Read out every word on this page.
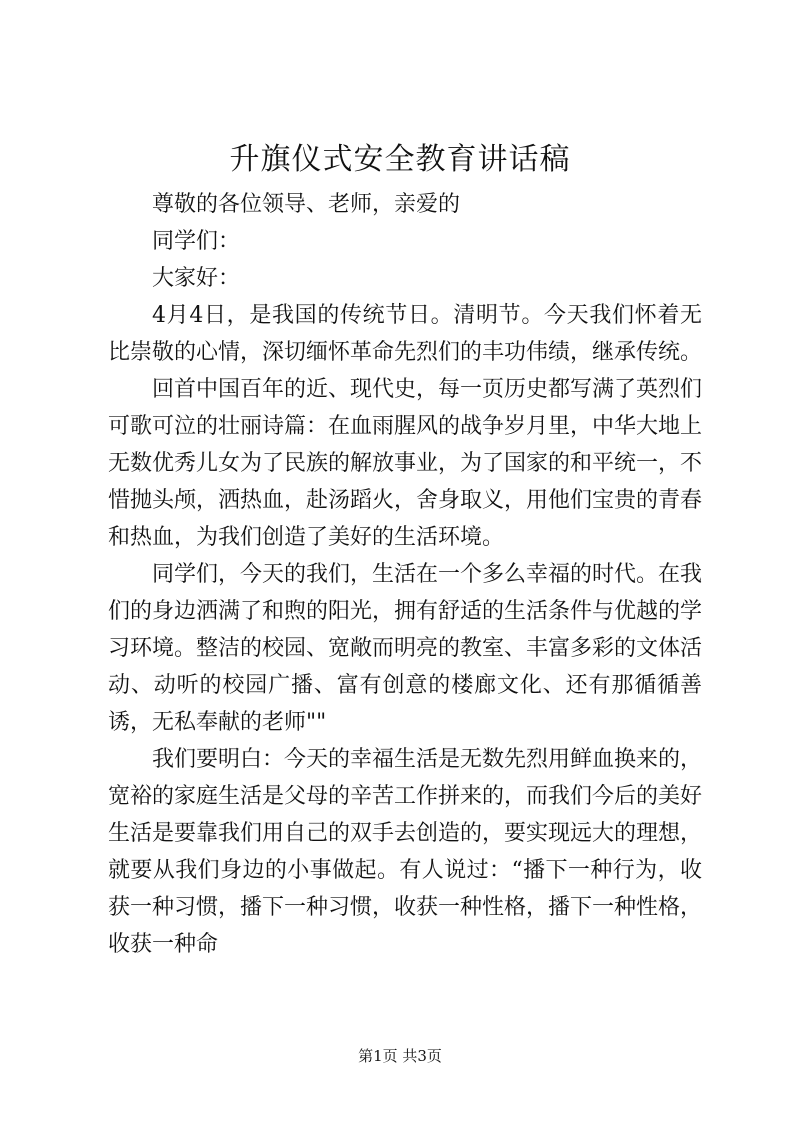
升旗仪式安全教育讲话稿

尊敬的各位领导、老师，亲爱的

同学们：

大家好：

4月4日，是我国的传统节日。清明节。今天我们怀着无比崇敬的心情，深切缅怀革命先烈们的丰功伟绩，继承传统。

回首中国百年的近、现代史，每一页历史都写满了英烈们可歌可泣的壮丽诗篇：在血雨腥风的战争岁月里，中华大地上无数优秀儿女为了民族的解放事业，为了国家的和平统一，不惜抛头颅，洒热血，赴汤蹈火，舍身取义，用他们宝贵的青春和热血，为我们创造了美好的生活环境。

同学们，今天的我们，生活在一个多么幸福的时代。在我们的身边洒满了和煦的阳光，拥有舒适的生活条件与优越的学习环境。整洁的校园、宽敞而明亮的教室、丰富多彩的文体活动、动听的校园广播、富有创意的楼廊文化、还有那循循善诱，无私奉献的老师""

我们要明白：今天的幸福生活是无数先烈用鲜血换来的，宽裕的家庭生活是父母的辛苦工作拼来的，而我们今后的美好生活是要靠我们用自己的双手去创造的，要实现远大的理想，就要从我们身边的小事做起。有人说过：“播下一种行为，收获一种习惯，播下一种习惯，收获一种性格，播下一种性格，收获一种命

第1页 共3页
